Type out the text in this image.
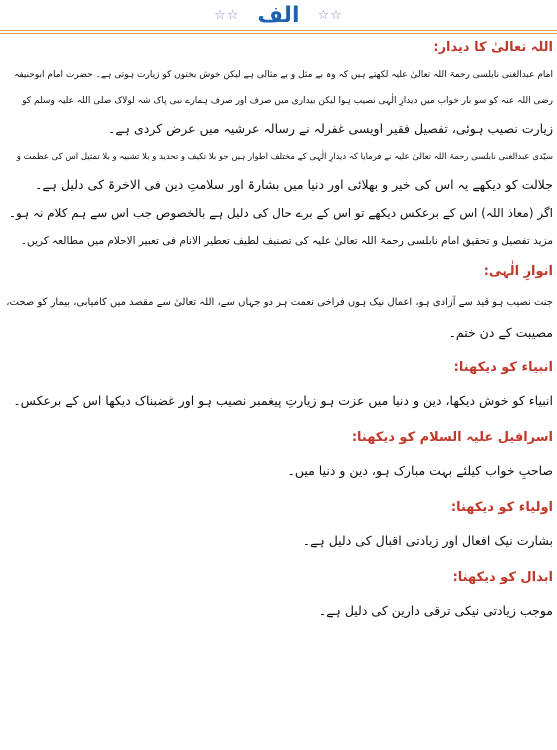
☆☆ الف ☆☆
اللہ تعالیٰ کا دیدار:
امام عبدالغنی نابلسی رحمۃ اللہ تعالیٰ علیہ لکھتے ہیں کہ وہ بے مثل و بے مثالی ہے لیکن خوش بختوں کو زیارت ہوتی ہے۔ حضرت امام ابوحنیفہ
رضی اللہ عنہ کو سو بار خواب میں دیدارِ الٰہی نصیب ہوا لیکن بیداری میں صرف اور صرف ہمارے نبی پاک شہ لولاک صلی اللہ علیہ وسلم کو
زیارت نصیب ہوئی، تفصیل فقیر اویسی غفرلہ نے رسالہ عرشیہ میں عرض کردی ہے۔
سیّدی عبدالغنی نابلسی رحمۃ اللہ تعالیٰ علیہ نے فرمایا کہ دیدارِ الٰہی کے مختلف اطوار ہیں جو بلا تکیف و تحدید و بلا تشبیہ و بلا تمثیل اس کی عظمت و
جلالت کو دیکھے یہ اس کی خیر و بھلائی اور دنیا میں بشارۃ اور سلامتِ دین فی الاخرۃ کی دلیل ہے۔
اگر (معاذ اللہ) اس کے برعکس دیکھے تو اس کے برے حال کی دلیل ہے بالخصوص جب اس سے ہم کلام نہ ہو۔
مزید تفصیل و تحقیق امام نابلسی رحمۃ اللہ تعالیٰ علیہ کی تصنیف لطیف تعطیر الانام فی تعبیر الاحلام میں مطالعہ کریں۔
انوارِ الٰہی:
جنت نصیب ہو قید سے آزادی ہو، اعمال نیک ہوں فراخی نعمت ہر دو جہاں سے، اللہ تعالیٰ سے مقصد میں کامیابی، بیمار کو صحت،
مصیبت کے دن ختم۔
انبیاء کو دیکھنا:
انبیاء کو خوش دیکھا، دین و دنیا میں عزت ہو زیارتِ پیغمبر نصیب ہو اور غضبناک دیکھا اس کے برعکس۔
اسرافیل علیہ السلام کو دیکھنا:
صاحبِ خواب کیلئے بہت مبارک ہو، دین و دنیا میں۔
اولیاء کو دیکھنا:
بشارت نیک افعال اور زیادتی اقبال کی دلیل ہے۔
ابدال کو دیکھنا:
موجب زیادتی نیکی ترقی دارین کی دلیل ہے۔
